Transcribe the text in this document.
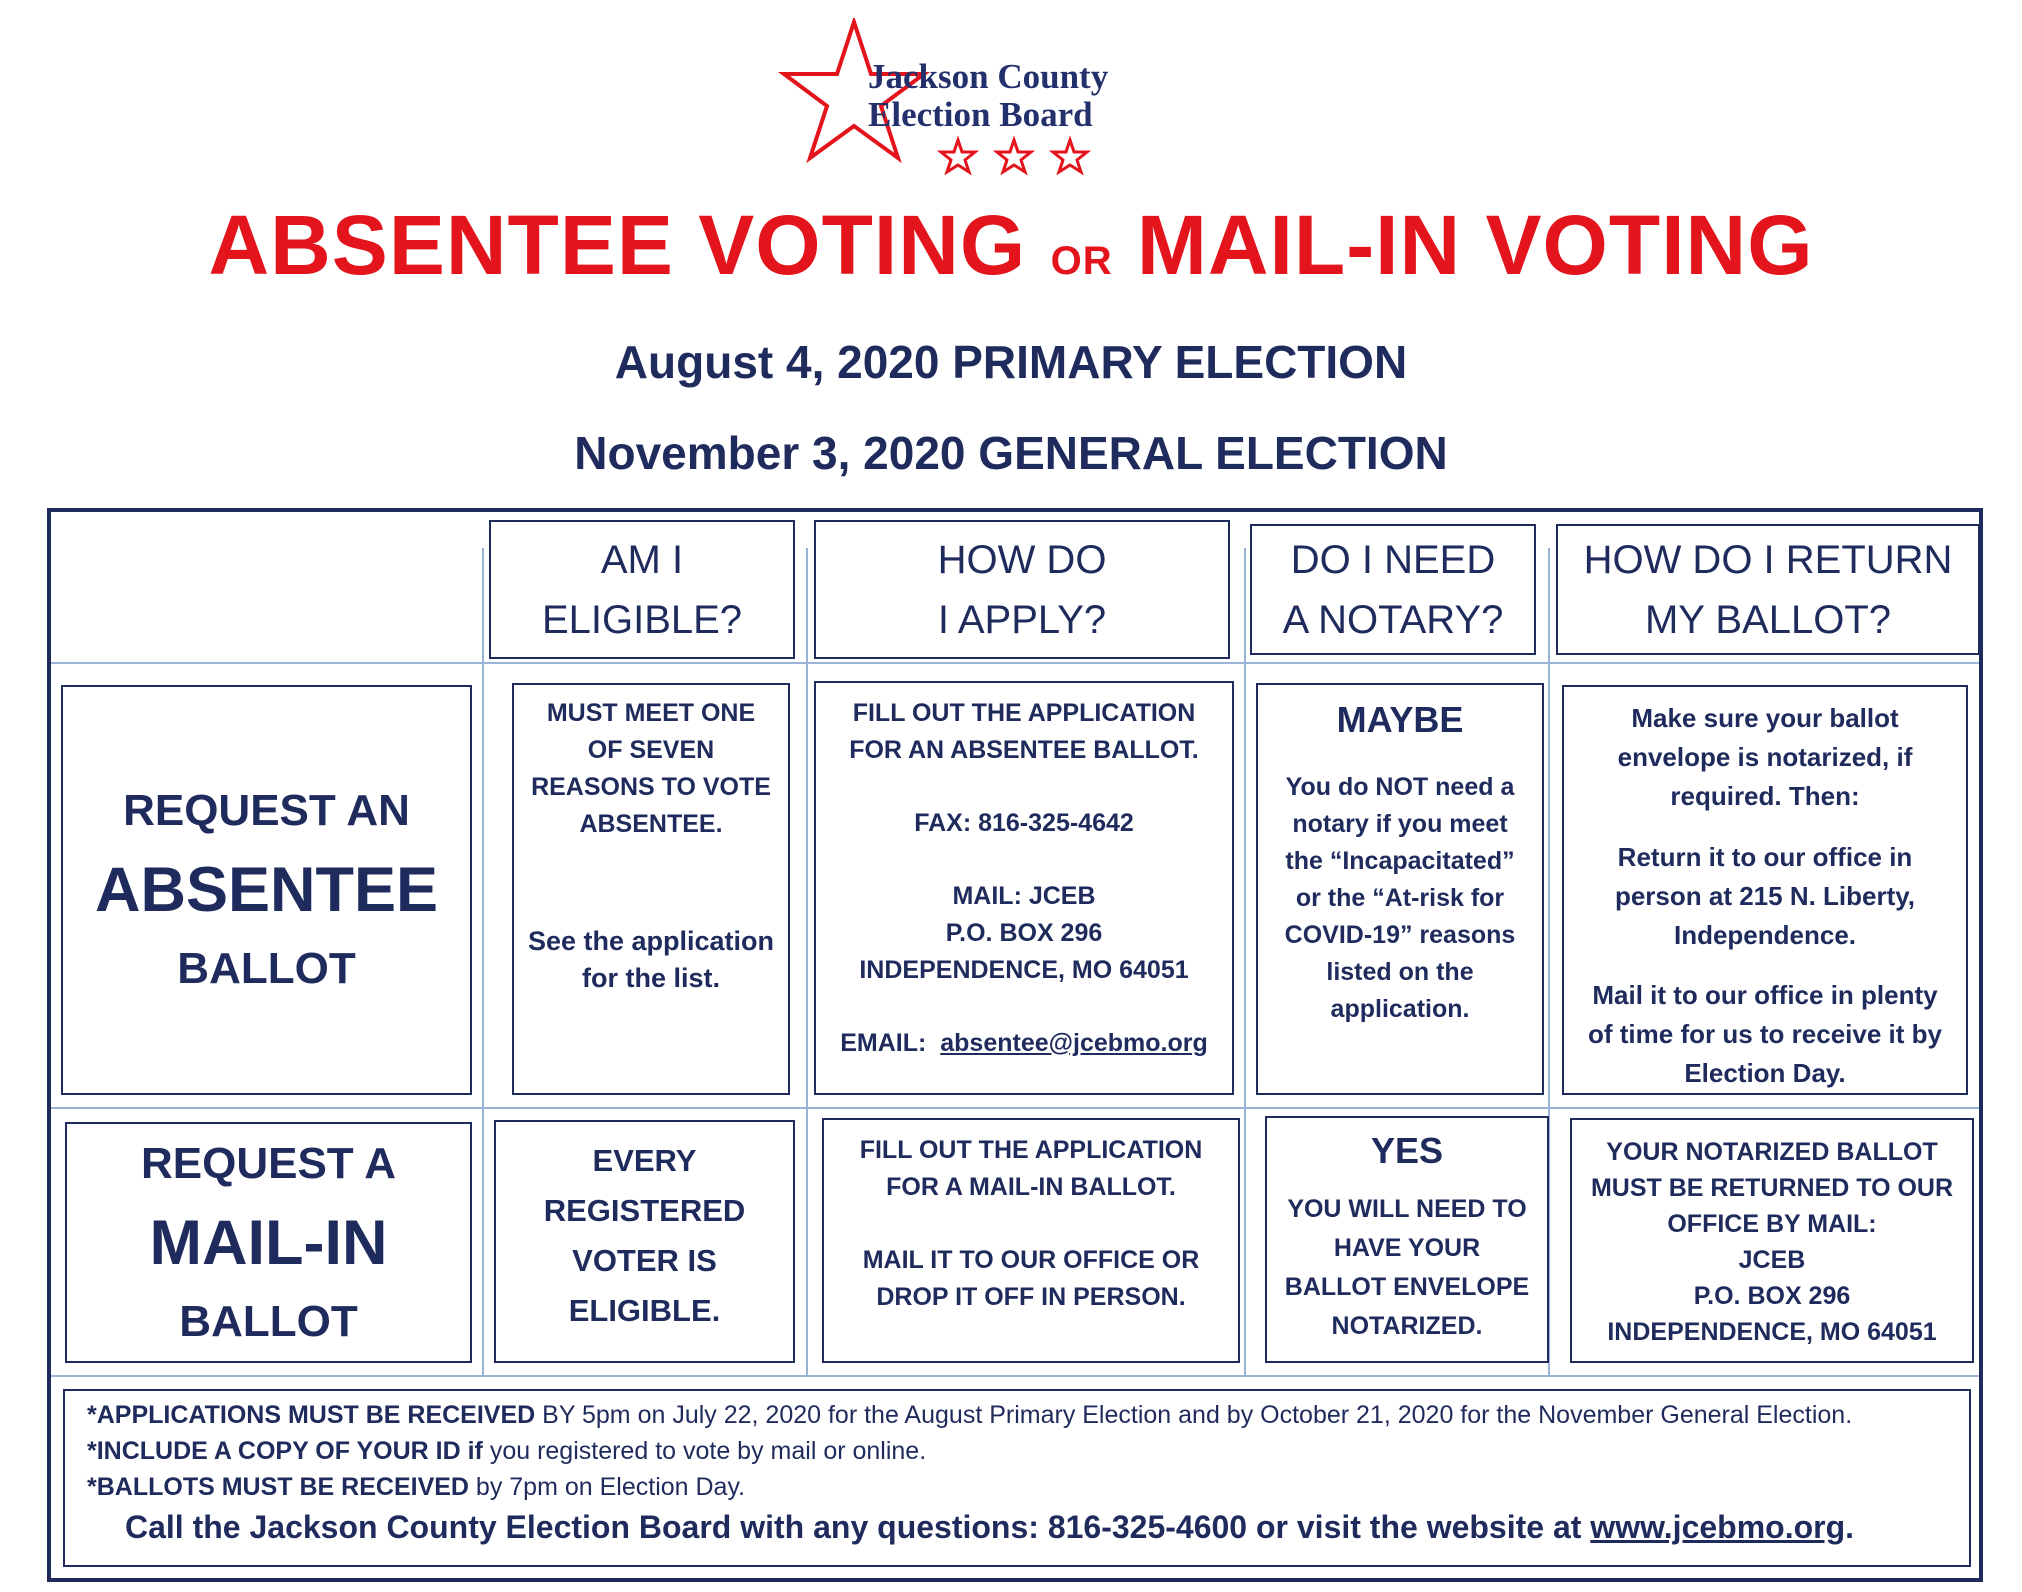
Jackson County
Election Board
ABSENTEE VOTING OR MAIL-IN VOTING
August 4, 2020 PRIMARY ELECTION
November 3, 2020 GENERAL ELECTION
AM I
ELIGIBLE?
HOW DO
I APPLY?
DO I NEED
A NOTARY?
HOW DO I RETURN
MY BALLOT?
REQUEST AN
ABSENTEE
BALLOT

MUST MEET ONE

OF SEVEN

REASONS TO VOTE

ABSENTEE.

See the application

for the list.

FILL OUT THE APPLICATION

FOR AN ABSENTEE BALLOT.

FAX: 816-325-4642

MAIL: JCEB

P.O. BOX 296

INDEPENDENCE, MO 64051

EMAIL: absentee@jcebmo.org

MAYBE

You do NOT need a

notary if you meet

the “Incapacitated”

or the “At-risk for

COVID-19” reasons

listed on the

application.

Make sure your ballot

envelope is notarized, if

required. Then:

Return it to our office in

person at 215 N. Liberty,

Independence.

Mail it to our office in plenty

of time for us to receive it by

Election Day.

REQUEST A
MAIL-IN
BALLOT

EVERY

REGISTERED

VOTER IS

ELIGIBLE.

FILL OUT THE APPLICATION

FOR A MAIL-IN BALLOT.

MAIL IT TO OUR OFFICE OR

DROP IT OFF IN PERSON.

YES

YOU WILL NEED TO

HAVE YOUR

BALLOT ENVELOPE

NOTARIZED.

YOUR NOTARIZED BALLOT

MUST BE RETURNED TO OUR

OFFICE BY MAIL:

JCEB

P.O. BOX 296

INDEPENDENCE, MO 64051

*APPLICATIONS MUST BE RECEIVED BY 5pm on July 22, 2020 for the August Primary Election and by October 21, 2020 for the November General Election.
*INCLUDE A COPY OF YOUR ID if you registered to vote by mail or online.
*BALLOTS MUST BE RECEIVED by 7pm on Election Day.
Call the Jackson County Election Board with any questions: 816-325-4600 or visit the website at www.jcebmo.org.
